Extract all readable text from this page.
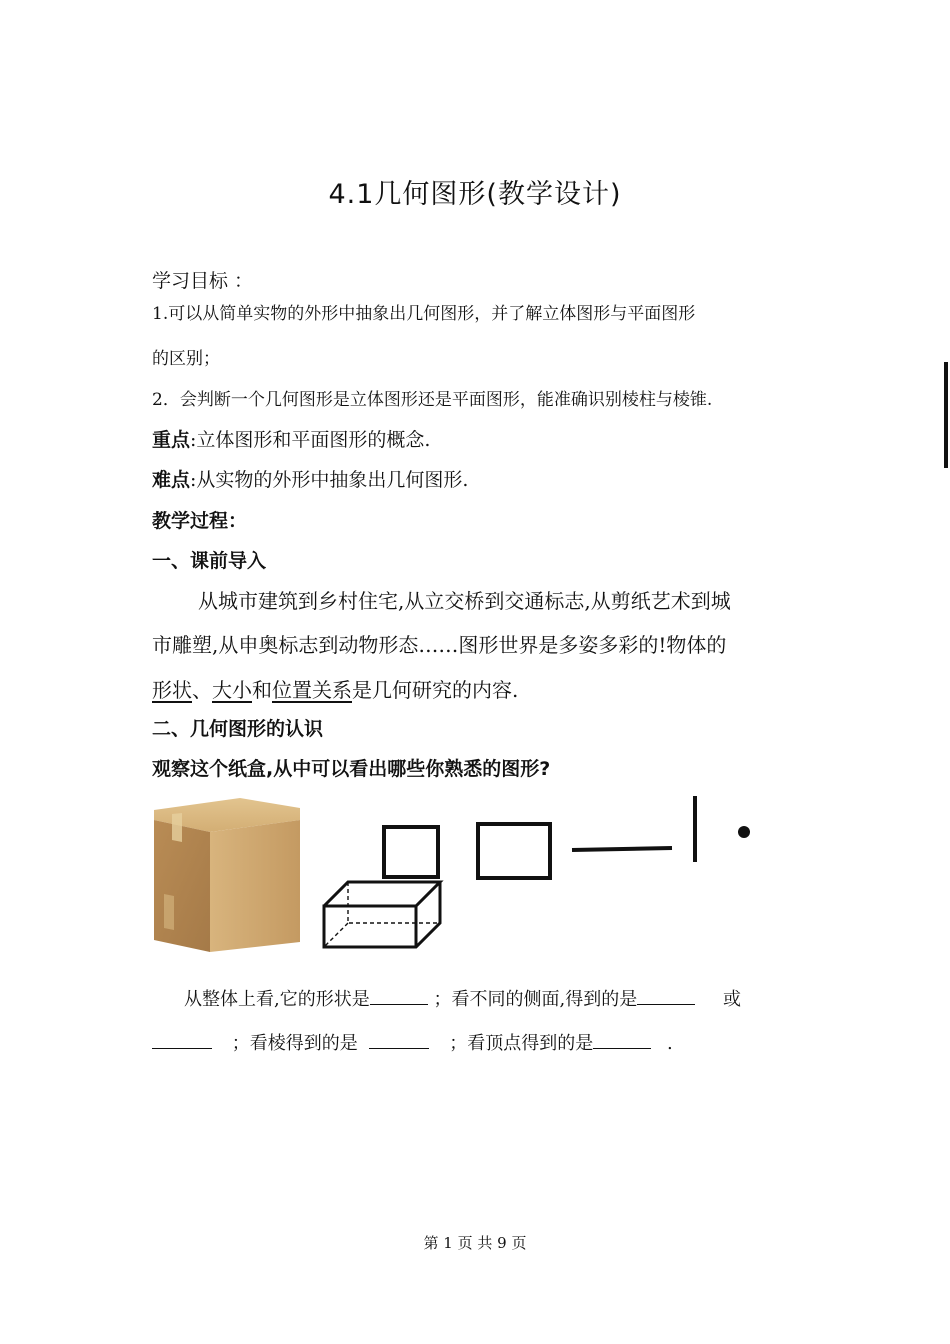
4.1几何图形(教学设计)
学习目标 ：
1.可以从简单实物的外形中抽象出几何图形，并了解立体图形与平面图形
的区别；
2．会判断一个几何图形是立体图形还是平面图形，能准确识别棱柱与棱锥.
重点:立体图形和平面图形的概念.
难点:从实物的外形中抽象出几何图形.
教学过程：
一、课前导入
从城市建筑到乡村住宅,从立交桥到交通标志,从剪纸艺术到城
市雕塑,从申奥标志到动物形态……图形世界是多姿多彩的!物体的
形状、大小和位置关系是几何研究的内容.
二、几何图形的认识
观察这个纸盒,从中可以看出哪些你熟悉的图形?
从整体上看,它的形状是	；看不同的侧面,得到的是	或
；看棱得到的是	；看顶点得到的是	.
第 1 页 共 9 页
